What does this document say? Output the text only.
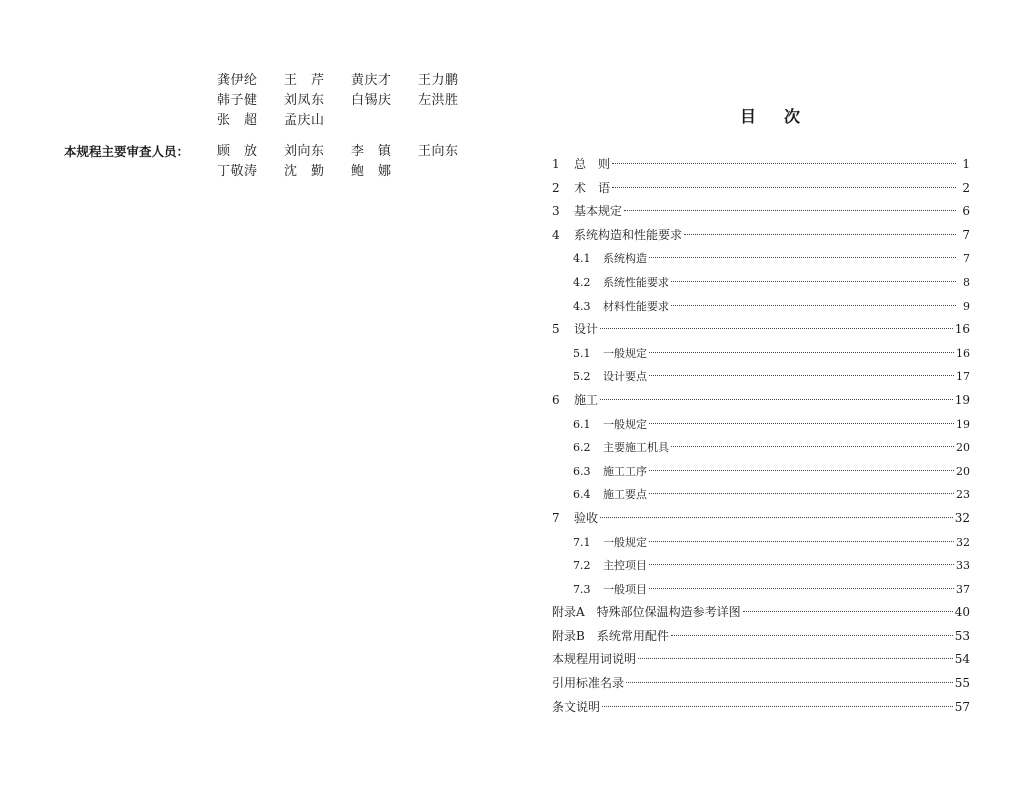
龚伊纶	王　芹	黄庆才	王力鹏
韩子健	刘凤东	白锡庆	左洪胜
张　超	孟庆山
本规程主要审查人员： 顾　放	刘向东	李　镇	王向东
丁敬涛	沈　勤	鲍　娜
目次
1	总　则	1
2	术　语	2
3	基本规定	6
4	系统构造和性能要求	7
4.1	系统构造	7
4.2	系统性能要求	8
4.3	材料性能要求	9
5	设计	16
5.1	一般规定	16
5.2	设计要点	17
6	施工	19
6.1	一般规定	19
6.2	主要施工机具	20
6.3	施工工序	20
6.4	施工要点	23
7	验收	32
7.1	一般规定	32
7.2	主控项目	33
7.3	一般项目	37
附录A　特殊部位保温构造参考详图	40
附录B　系统常用配件	53
本规程用词说明	54
引用标准名录	55
条文说明	57
